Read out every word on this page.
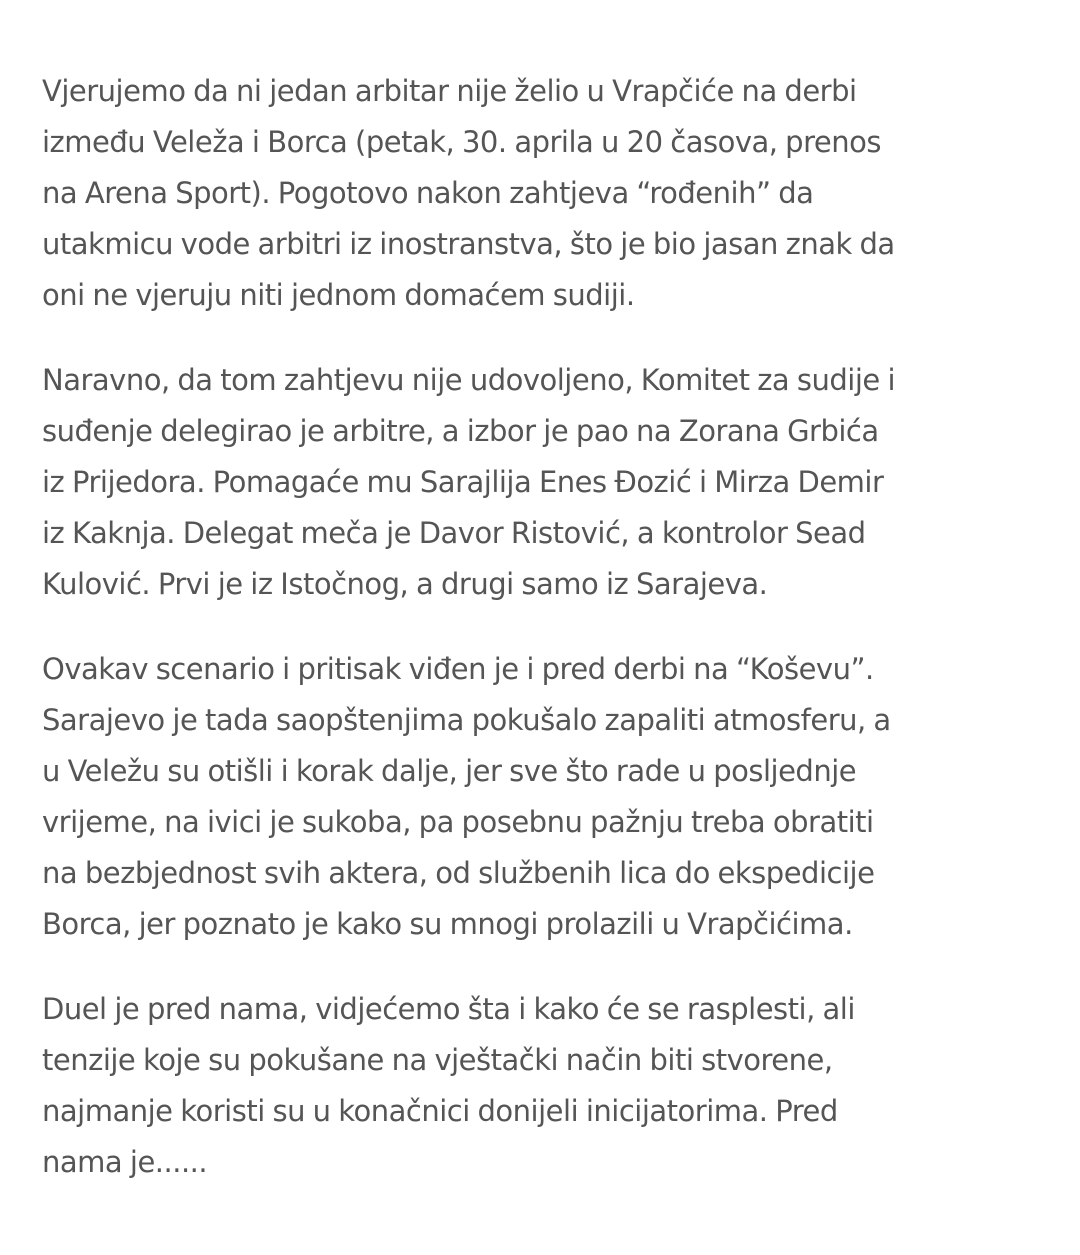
Vjerujemo da ni jedan arbitar nije želio u Vrapčiće na derbi
između Veleža i Borca (petak, 30. aprila u 20 časova, prenos
na Arena Sport). Pogotovo nakon zahtjeva “rođenih” da
utakmicu vode arbitri iz inostranstva, što je bio jasan znak da
oni ne vjeruju niti jednom domaćem sudiji.

Naravno, da tom zahtjevu nije udovoljeno, Komitet za sudije i
suđenje delegirao je arbitre, a izbor je pao na Zorana Grbića
iz Prijedora. Pomagaće mu Sarajlija Enes Đozić i Mirza Demir
iz Kaknja. Delegat meča je Davor Ristović, a kontrolor Sead
Kulović. Prvi je iz Istočnog, a drugi samo iz Sarajeva.

Ovakav scenario i pritisak viđen je i pred derbi na “Koševu”.
Sarajevo je tada saopštenjima pokušalo zapaliti atmosferu, a
u Veležu su otišli i korak dalje, jer sve što rade u posljednje
vrijeme, na ivici je sukoba, pa posebnu pažnju treba obratiti
na bezbjednost svih aktera, od službenih lica do ekspedicije
Borca, jer poznato je kako su mnogi prolazili u Vrapčićima.

Duel je pred nama, vidjećemo šta i kako će se rasplesti, ali
tenzije koje su pokušane na vještački način biti stvorene,
najmanje koristi su u konačnici donijeli inicijatorima. Pred
nama je......
